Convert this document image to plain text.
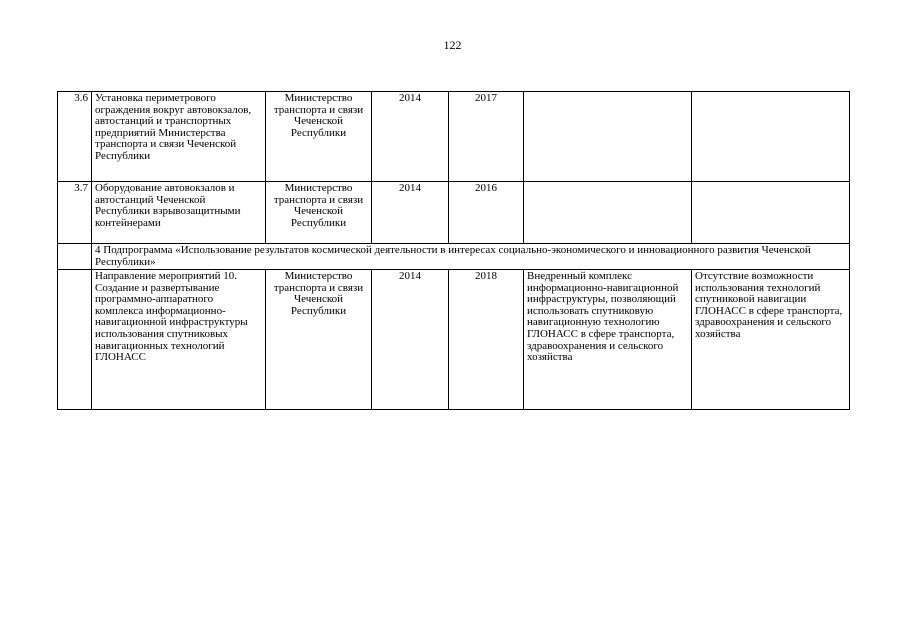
122
3.6	Установка периметрового ограждения вокруг автовокзалов, автостанций и транспортных предприятий Министерства транспорта и связи Чеченской Республики	Министерство транспорта и связи Чеченской Республики	2014	2017		
3.7	Оборудование автовокзалов и автостанций Чеченской Республики взрывозащитными контейнерами	Министерство транспорта и связи Чеченской Республики	2014	2016		
	4 Подпрограмма «Использование результатов космической деятельности в интересах социально-экономического и инновационного развития Чеченской Республики»					
	Направление мероприятий 10. Создание и развертывание программно-аппаратного комплекса информационно-навигационной инфраструктуры использования спутниковых навигационных технологий ГЛОНАСС	Министерство транспорта и связи Чеченской Республики	2014	2018	Внедренный комплекс информационно-навигационной инфраструктуры, позволяющий использовать спутниковую навигационную технологию ГЛОНАСС в сфере транспорта, здравоохранения и сельского хозяйства	Отсутствие возможности использования технологий спутниковой навигации ГЛОНАСС в сфере транспорта, здравоохранения и сельского хозяйства
